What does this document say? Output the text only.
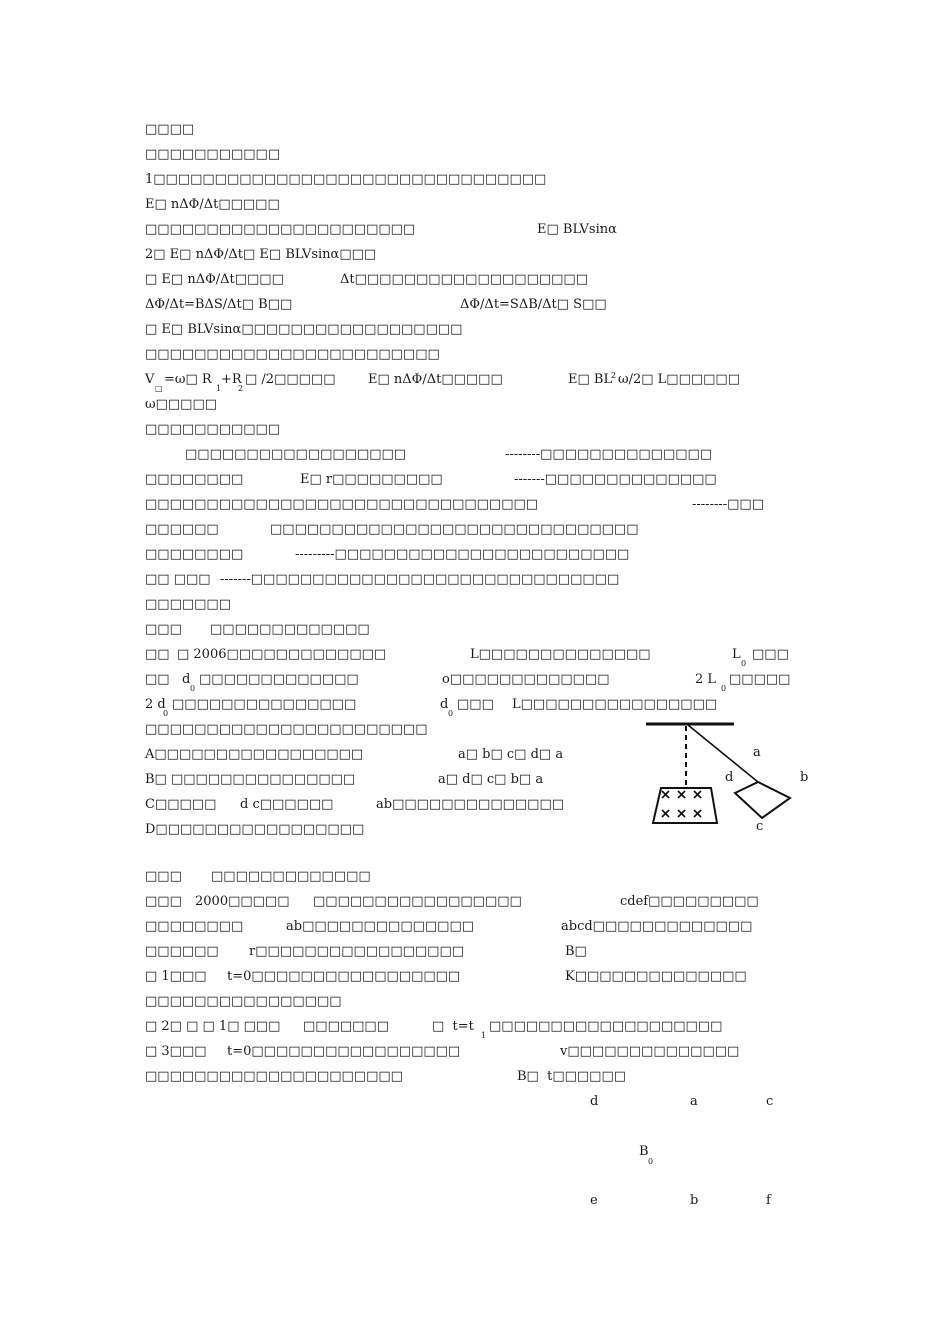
□□□□
□□□□□□□□□□□
1□□□□□□□□□□□□□□□□□□□□□□□□□□□□□□□□
E□ nΔΦ/Δt□□□□□
□□□□□□□□□□□□□□□□□□□□□□	E□ BLVsinα
2□ E□ nΔΦ/Δt□ E□ BLVsinα□□□
□ E□ nΔΦ/Δt□□□□	Δt□□□□□□□□□□□□□□□□□□□
ΔΦ/Δt=BΔS/Δt□ B□□	ΔΦ/Δt=SΔB/Δt□ S□□
□ E□ BLVsinα□□□□□□□□□□□□□□□□□□
□□□□□□□□□□□□□□□□□□□□□□□□
V
□
=ω□ R
1
+R
2
□ /2□□□□□	E□ nΔΦ/Δt□□□□□	E□ BL
2 ω/2□ L□□□□□□
ω□□□□□
□□□□□□□□□□□
□□□□□□□□□□□□□□□□□□	--------□□□□□□□□□□□□□□
□□□□□□□□	E□ r□□□□□□□□□	-------□□□□□□□□□□□□□□
□□□□□□□□□□□□□□□□□□□□□□□□□□□□□□□□	--------□□□
□□□□□□	□□□□□□□□□□□□□□□□□□□□□□□□□□□□□□
□□□□□□□□	---------□□□□□□□□□□□□□□□□□□□□□□□□
□□ □□□ -------□□□□□□□□□□□□□□□□□□□□□□□□□□□□□□
□□□□□□□
□□□ □□□□□□□□□□□□□
□□ □ 2006□□□□□□□□□□□□□	L□□□□□□□□□□□□□□	L
0
□□□
□□ d
0
□□□□□□□□□□□□□	o□□□□□□□□□□□□□	2 L
0
□□□□□
2 d
0
□□□□□□□□□□□□□□□	d
0
□□□ L□□□□□□□□□□□□□□□□
□□□□□□□□□□□□□□□□□□□□□□□
A□□□□□□□□□□□□□□□□□	a□ b□ c□ d□ a
B□ □□□□□□□□□□□□□□□	a□ d□ c□ b□ a
C□□□□□ d c□□□□□□	ab□□□□□□□□□□□□□□
D□□□□□□□□□□□□□□□□□
a
b
c
d
□□□ □□□□□□□□□□□□□
□□□ 2000□□□□□ □□□□□□□□□□□□□□□□□	cdef□□□□□□□□□
□□□□□□□□	ab□□□□□□□□□□□□□□	abcd□□□□□□□□□□□□□
□□□□□□ r□□□□□□□□□□□□□□□□□	B□
□ 1□□□ t=0□□□□□□□□□□□□□□□□□	K□□□□□□□□□□□□□□
□□□□□□□□□□□□□□□□
□ 2□ □ □ 1□ □□□ □□□□□□□	□  t=t
1
□□□□□□□□□□□□□□□□□□□
□ 3□□□ t=0□□□□□□□□□□□□□□□□□	v□□□□□□□□□□□□□□
□□□□□□□□□□□□□□□□□□□□□	B□  t□□□□□□
d	a	c
B
0
e	b	f
